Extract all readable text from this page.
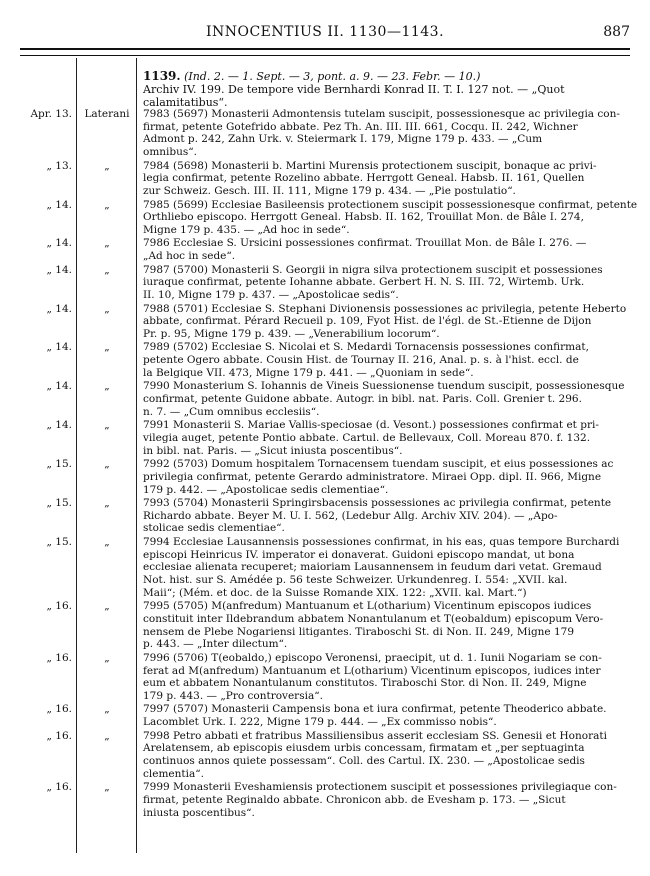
INNOCENTIUS II. 1130—1143.	887
1139. (Ind. 2. — 1. Sept. — 3, pont. a. 9. — 23. Febr. — 10.)
Archiv IV. 199. De tempore vide Bernhardi Konrad II. T. I. 127 not. — „Quot
calamitatibus“.
Apr. 13.	Laterani	7983 (5697) Monasterii Admontensis tutelam suscipit, possessionesque ac privilegia con-
firmat, petente Gotefrido abbate. Pez Th. An. III. III. 661, Cocqu. II. 242, Wichner
Admont p. 242, Zahn Urk. v. Steiermark I. 179, Migne 179 p. 433. — „Cum
omnibus“.
„ 13.	„	7984 (5698) Monasterii b. Martini Murensis protectionem suscipit, bonaque ac privi-
legia confirmat, petente Rozelino abbate. Herrgott Geneal. Habsb. II. 161, Quellen
zur Schweiz. Gesch. III. II. 111, Migne 179 p. 434. — „Pie postulatio“.
„ 14.	„	7985 (5699) Ecclesiae Basileensis protectionem suscipit possessionesque confirmat, petente
Orthliebo episcopo. Herrgott Geneal. Habsb. II. 162, Trouillat Mon. de Bâle I. 274,
Migne 179 p. 435. — „Ad hoc in sede“.
„ 14.	„	7986 Ecclesiae S. Ursicini possessiones confirmat. Trouillat Mon. de Bâle I. 276. —
„Ad hoc in sede“.
„ 14.	„	7987 (5700) Monasterii S. Georgii in nigra silva protectionem suscipit et possessiones
iuraque confirmat, petente Iohanne abbate. Gerbert H. N. S. III. 72, Wirtemb. Urk.
II. 10, Migne 179 p. 437. — „Apostolicae sedis“.
„ 14.	„	7988 (5701) Ecclesiae S. Stephani Divionensis possessiones ac privilegia, petente Heberto
abbate, confirmat. Pérard Recueil p. 109, Fyot Hist. de l'égl. de St.-Etienne de Dijon
Pr. p. 95, Migne 179 p. 439. — „Venerabilium locorum“.
„ 14.	„	7989 (5702) Ecclesiae S. Nicolai et S. Medardi Tornacensis possessiones confirmat,
petente Ogero abbate. Cousin Hist. de Tournay II. 216, Anal. p. s. à l'hist. eccl. de
la Belgique VII. 473, Migne 179 p. 441. — „Quoniam in sede“.
„ 14.	„	7990 Monasterium S. Iohannis de Vineis Suessionense tuendum suscipit, possessionesque
confirmat, petente Guidone abbate. Autogr. in bibl. nat. Paris. Coll. Grenier t. 296.
n. 7. — „Cum omnibus ecclesiis“.
„ 14.	„	7991 Monasterii S. Mariae Vallis-speciosae (d. Vesont.) possessiones confirmat et pri-
vilegia auget, petente Pontio abbate. Cartul. de Bellevaux, Coll. Moreau 870. f. 132.
in bibl. nat. Paris. — „Sicut iniusta poscentibus“.
„ 15.	„	7992 (5703) Domum hospitalem Tornacensem tuendam suscipit, et eius possessiones ac
privilegia confirmat, petente Gerardo administratore. Miraei Opp. dipl. II. 966, Migne
179 p. 442. — „Apostolicae sedis clementiae“.
„ 15.	„	7993 (5704) Monasterii Springirsbacensis possessiones ac privilegia confirmat, petente
Richardo abbate. Beyer M. U. I. 562, (Ledebur Allg. Archiv XIV. 204). — „Apo-
stolicae sedis clementiae“.
„ 15.	„	7994 Ecclesiae Lausannensis possessiones confirmat, in his eas, quas tempore Burchardi
episcopi Heinricus IV. imperator ei donaverat. Guidoni episcopo mandat, ut bona
ecclesiae alienata recuperet; maioriam Lausannensem in feudum dari vetat. Gremaud
Not. hist. sur S. Amédée p. 56 teste Schweizer. Urkundenreg. I. 554: „XVII. kal.
Maii“; (Mém. et doc. de la Suisse Romande XIX. 122: „XVII. kal. Mart.“)
„ 16.	„	7995 (5705) M(anfredum) Mantuanum et L(otharium) Vicentinum episcopos iudices
constituit inter Ildebrandum abbatem Nonantulanum et T(eobaldum) episcopum Vero-
nensem de Plebe Nogariensi litigantes. Tiraboschi St. di Non. II. 249, Migne 179
p. 443. — „Inter dilectum“.
„ 16.	„	7996 (5706) T(eobaldo,) episcopo Veronensi, praecipit, ut d. 1. Iunii Nogariam se con-
ferat ad M(anfredum) Mantuanum et L(otharium) Vicentinum episcopos, iudices inter
eum et abbatem Nonantulanum constitutos. Tiraboschi Stor. di Non. II. 249, Migne
179 p. 443. — „Pro controversia“.
„ 16.	„	7997 (5707) Monasterii Campensis bona et iura confirmat, petente Theoderico abbate.
Lacomblet Urk. I. 222, Migne 179 p. 444. — „Ex commisso nobis“.
„ 16.	„	7998 Petro abbati et fratribus Massiliensibus asserit ecclesiam SS. Genesii et Honorati
Arelatensem, ab episcopis eiusdem urbis concessam, firmatam et „per septuaginta
continuos annos quiete possessam“. Coll. des Cartul. IX. 230. — „Apostolicae sedis
clementia“.
„ 16.	„	7999 Monasterii Eveshamiensis protectionem suscipit et possessiones privilegiaque con-
firmat, petente Reginaldo abbate. Chronicon abb. de Evesham p. 173. — „Sicut
iniusta poscentibus“.
